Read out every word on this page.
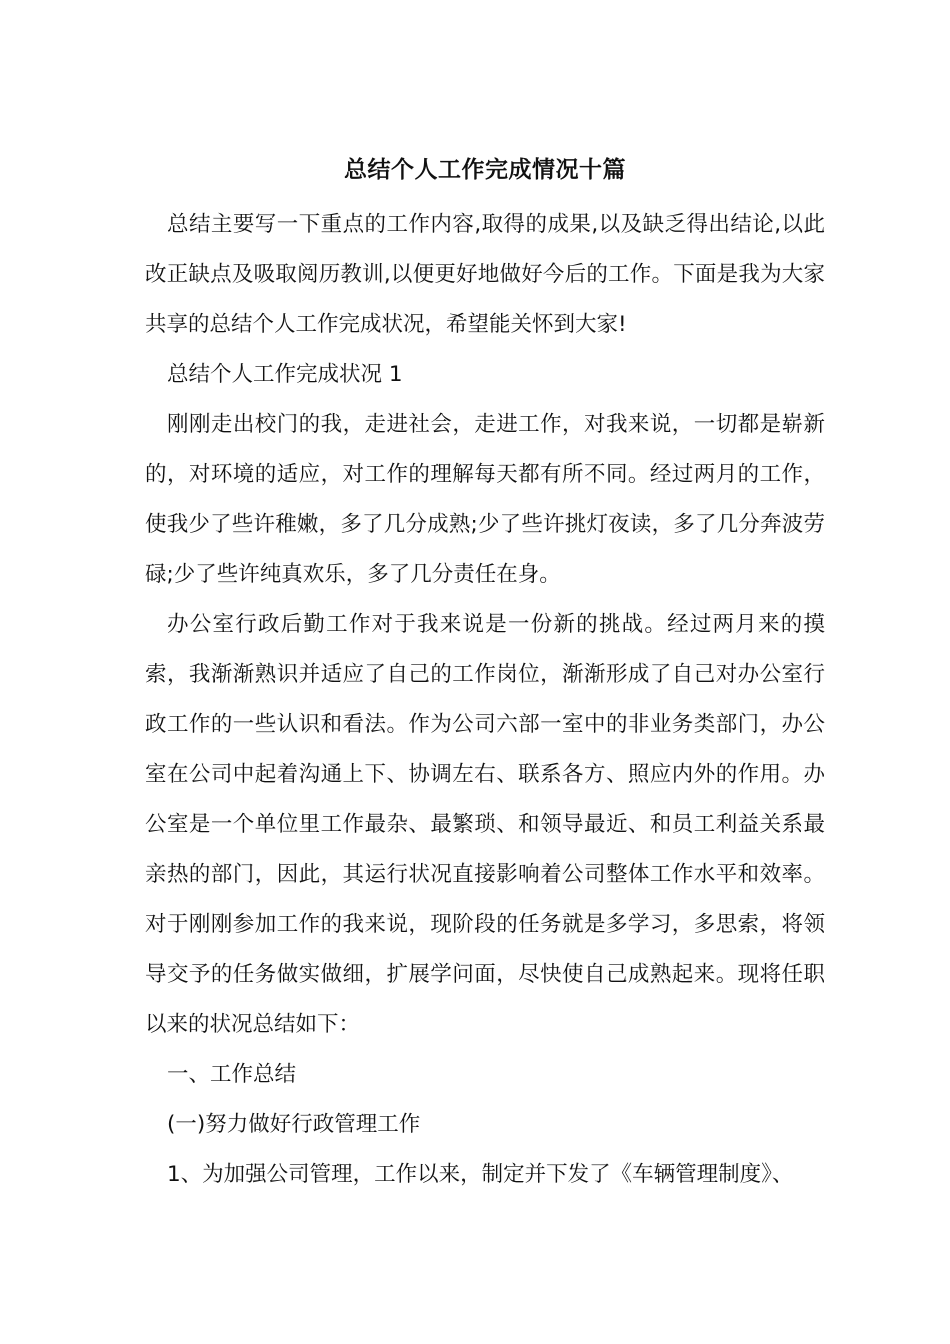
总结个人工作完成情况十篇

总结主要写一下重点的工作内容,取得的成果,以及缺乏得出结论,以此改正缺点及吸取阅历教训,以便更好地做好今后的工作。下面是我为大家共享的总结个人工作完成状况，希望能关怀到大家!

总结个人工作完成状况 1

刚刚走出校门的我，走进社会，走进工作，对我来说，一切都是崭新的，对环境的适应，对工作的理解每天都有所不同。经过两月的工作，使我少了些许稚嫩，多了几分成熟;少了些许挑灯夜读，多了几分奔波劳碌;少了些许纯真欢乐，多了几分责任在身。

办公室行政后勤工作对于我来说是一份新的挑战。经过两月来的摸索，我渐渐熟识并适应了自己的工作岗位，渐渐形成了自己对办公室行政工作的一些认识和看法。作为公司六部一室中的非业务类部门，办公室在公司中起着沟通上下、协调左右、联系各方、照应内外的作用。办公室是一个单位里工作最杂、最繁琐、和领导最近、和员工利益关系最亲热的部门，因此，其运行状况直接影响着公司整体工作水平和效率。对于刚刚参加工作的我来说，现阶段的任务就是多学习，多思索，将领导交予的任务做实做细，扩展学问面，尽快使自己成熟起来。现将任职以来的状况总结如下：

一、工作总结

(一)努力做好行政管理工作

1、为加强公司管理，工作以来，制定并下发了《车辆管理制度》、
